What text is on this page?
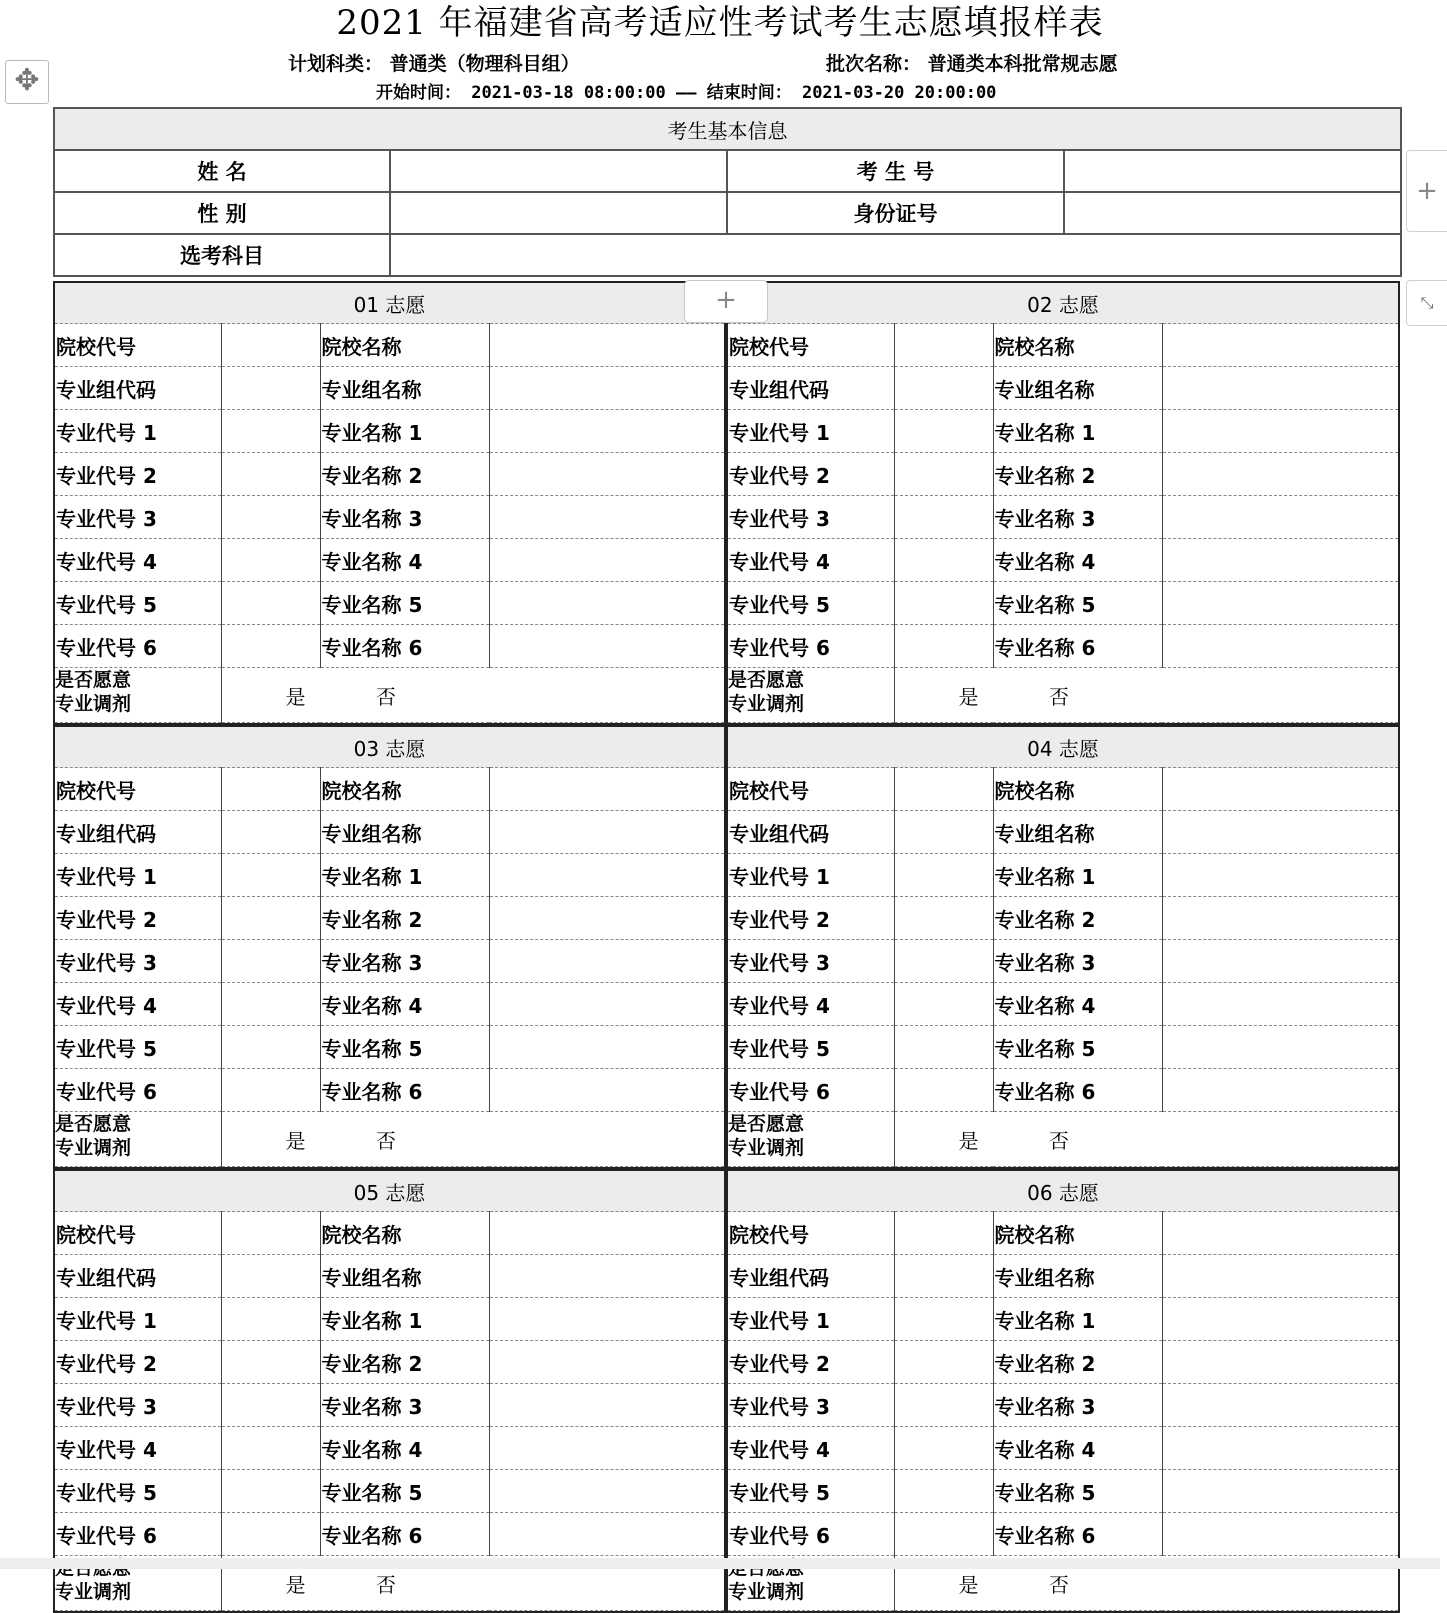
2021 年福建省高考适应性考试考生志愿填报样表
计划科类： 普通类（物理科目组）	批次名称： 普通类本科批常规志愿
开始时间： 2021-03-18 08:00:00 —— 结束时间： 2021-03-20 20:00:00
✥
+
⤡
+
考生基本信息			
姓 名		考 生 号	
性 别		身份证号	
选考科目			
01 志愿			
院校代号		院校名称	
专业组代码		专业组名称	
专业代号 1		专业名称 1	
专业代号 2		专业名称 2	
专业代号 3		专业名称 3	
专业代号 4		专业名称 4	
专业代号 5		专业名称 5	
专业代号 6		专业名称 6	

是否愿意
专业调剂	是 否		
02 志愿			
院校代号		院校名称	
专业组代码		专业组名称	
专业代号 1		专业名称 1	
专业代号 2		专业名称 2	
专业代号 3		专业名称 3	
专业代号 4		专业名称 4	
专业代号 5		专业名称 5	
专业代号 6		专业名称 6	

是否愿意
专业调剂	是 否		
03 志愿			
院校代号		院校名称	
专业组代码		专业组名称	
专业代号 1		专业名称 1	
专业代号 2		专业名称 2	
专业代号 3		专业名称 3	
专业代号 4		专业名称 4	
专业代号 5		专业名称 5	
专业代号 6		专业名称 6	

是否愿意
专业调剂	是 否		
04 志愿			
院校代号		院校名称	
专业组代码		专业组名称	
专业代号 1		专业名称 1	
专业代号 2		专业名称 2	
专业代号 3		专业名称 3	
专业代号 4		专业名称 4	
专业代号 5		专业名称 5	
专业代号 6		专业名称 6	

是否愿意
专业调剂	是 否		
05 志愿			
院校代号		院校名称	
专业组代码		专业组名称	
专业代号 1		专业名称 1	
专业代号 2		专业名称 2	
专业代号 3		专业名称 3	
专业代号 4		专业名称 4	
专业代号 5		专业名称 5	
专业代号 6		专业名称 6	

专业调剂	是 否		
06 志愿			
院校代号		院校名称	
专业组代码		专业组名称	
专业代号 1		专业名称 1	
专业代号 2		专业名称 2	
专业代号 3		专业名称 3	
专业代号 4		专业名称 4	
专业代号 5		专业名称 5	
专业代号 6		专业名称 6	

专业调剂	是 否		
